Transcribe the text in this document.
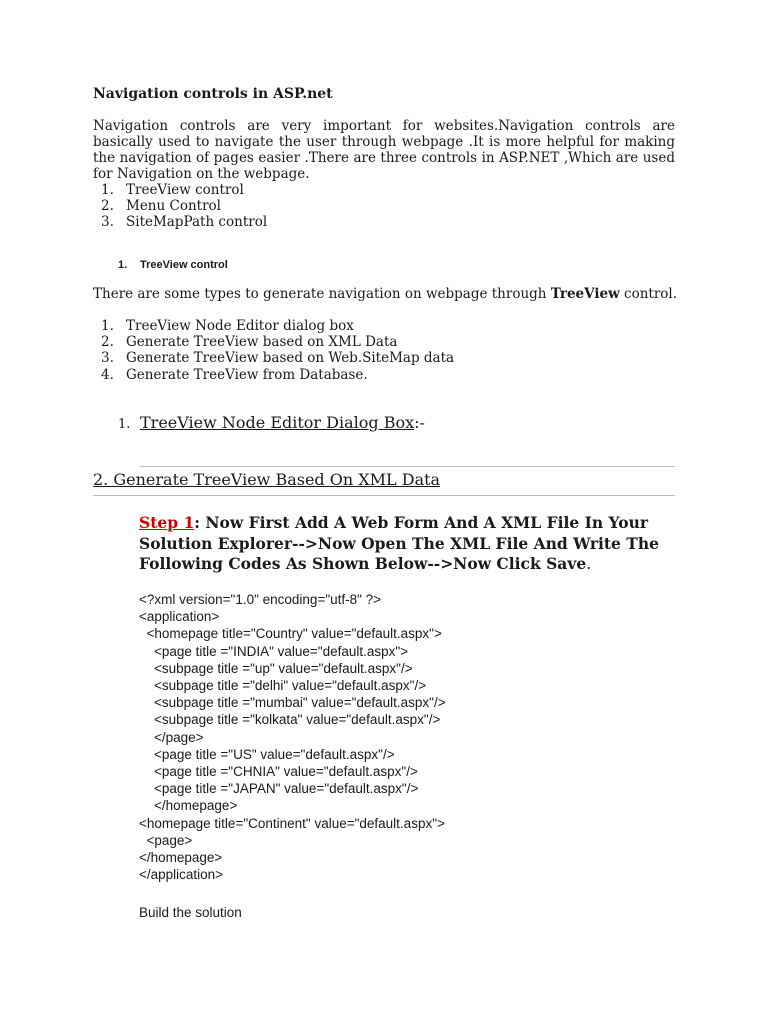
Navigation controls in ASP.net

Navigation controls are very important for websites.Navigation controls are basically used to navigate the user through webpage .It is more helpful for making the navigation of pages easier .There are three controls in ASP.NET ,Which are used for Navigation on the webpage.

1. TreeView control
2. Menu Control
3. SiteMapPath control
1. TreeView control
There are some types to generate navigation on webpage through TreeView control.
1. TreeView Node Editor dialog box
2. Generate TreeView based on XML Data
3. Generate TreeView based on Web.SiteMap data
4. Generate TreeView from Database.
1. TreeView Node Editor Dialog Box:-
2. Generate TreeView Based On XML Data

Step 1: Now First Add A Web Form And A XML File In Your Solution Explorer-->Now Open The XML File And Write The Following Codes As Shown Below-->Now Click Save.

<?xml version="1.0" encoding="utf-8" ?>
<application>
<homepage title="Country" value="default.aspx">
<page title ="INDIA" value="default.aspx">
<subpage title ="up" value="default.aspx"/>
<subpage title ="delhi" value="default.aspx"/>
<subpage title ="mumbai" value="default.aspx"/>
<subpage title ="kolkata" value="default.aspx"/>
</page>
<page title ="US" value="default.aspx"/>
<page title ="CHNIA" value="default.aspx"/>
<page title ="JAPAN" value="default.aspx"/>
</homepage>
<homepage title="Continent" value="default.aspx">
<page>
</homepage>
</application>
Build the solution
